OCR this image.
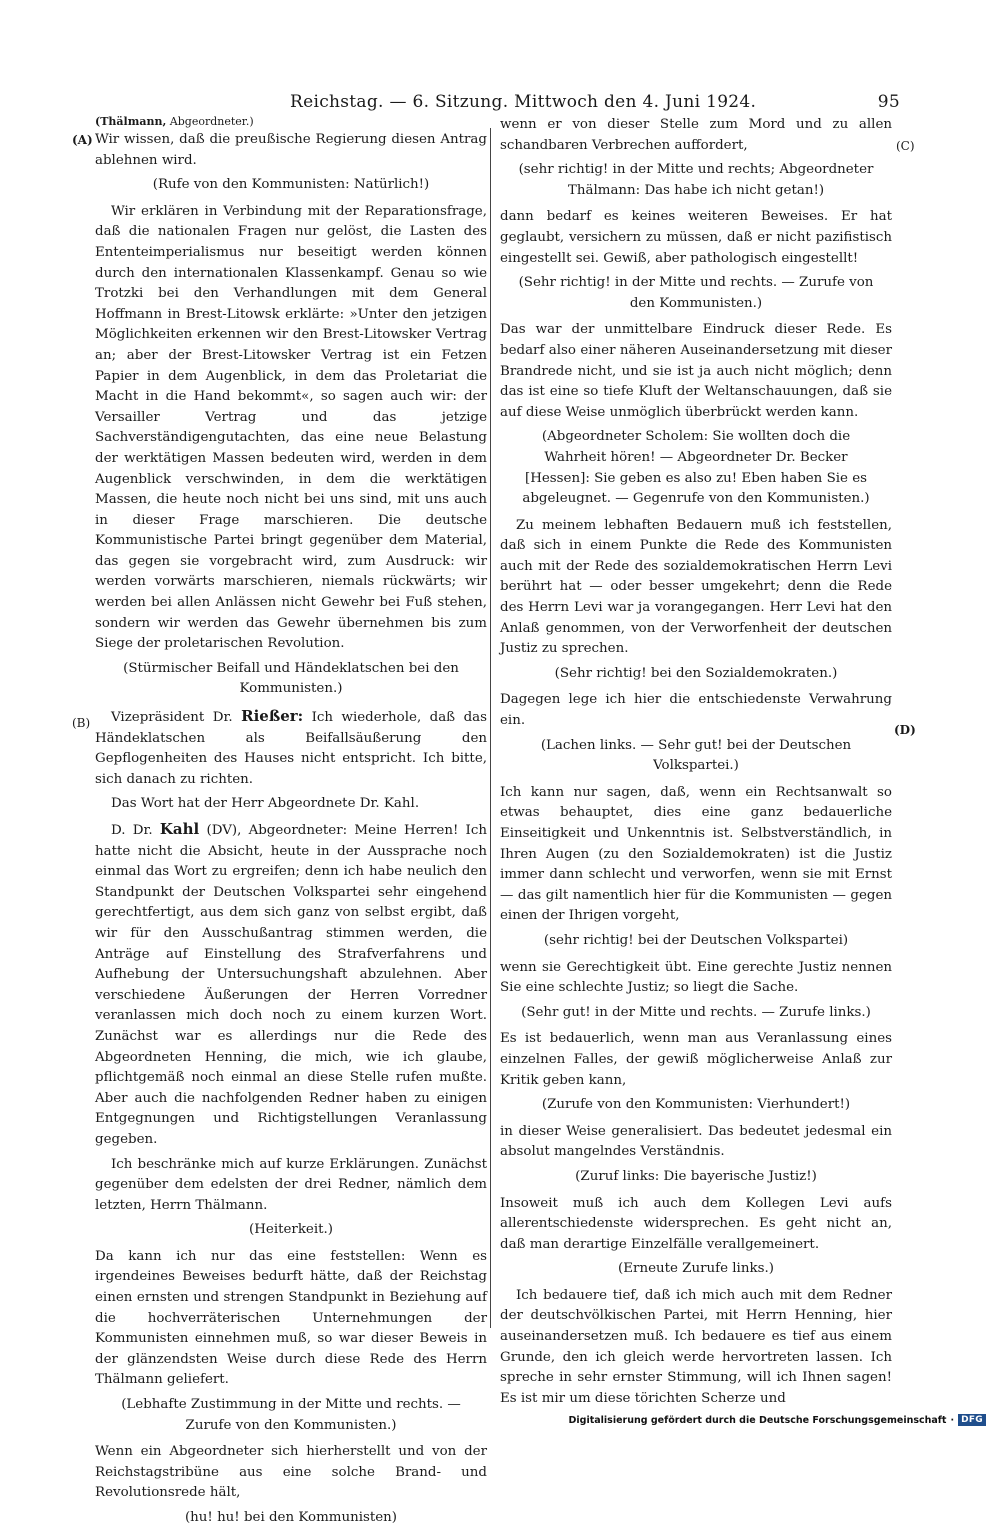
Reichstag. — 6. Sitzung. Mittwoch den 4. Juni 1924.	95
(A)
(B)
(C)
(D)
(Thälmann, Abgeordneter.)

Wir wissen, daß die preußische Regierung diesen Antrag ablehnen wird.

(Rufe von den Kommunisten: Natürlich!)

Wir erklären in Verbindung mit der Reparationsfrage, daß die nationalen Fragen nur gelöst, die Lasten des Ententeimperialismus nur beseitigt werden können durch den internationalen Klassenkampf. Genau so wie Trotzki bei den Verhandlungen mit dem General Hoffmann in Brest-Litowsk erklärte: »Unter den jetzigen Möglichkeiten erkennen wir den Brest-Litowsker Vertrag an; aber der Brest-Litowsker Vertrag ist ein Fetzen Papier in dem Augenblick, in dem das Proletariat die Macht in die Hand bekommt«, so sagen auch wir: der Versailler Vertrag und das jetzige Sachverständigengutachten, das eine neue Belastung der werktätigen Massen bedeuten wird, werden in dem Augenblick verschwinden, in dem die werktätigen Massen, die heute noch nicht bei uns sind, mit uns auch in dieser Frage marschieren. Die deutsche Kommunistische Partei bringt gegenüber dem Material, das gegen sie vorgebracht wird, zum Ausdruck: wir werden vorwärts marschieren, niemals rückwärts; wir werden bei allen Anlässen nicht Gewehr bei Fuß stehen, sondern wir werden das Gewehr übernehmen bis zum Siege der proletarischen Revolution.

(Stürmischer Beifall und Händeklatschen bei den Kommunisten.)

Vizepräsident Dr. Rießer: Ich wiederhole, daß das Händeklatschen als Beifallsäußerung den Gepflogenheiten des Hauses nicht entspricht. Ich bitte, sich danach zu richten.

Das Wort hat der Herr Abgeordnete Dr. Kahl.

D. Dr. Kahl (DV), Abgeordneter: Meine Herren! Ich hatte nicht die Absicht, heute in der Aussprache noch einmal das Wort zu ergreifen; denn ich habe neulich den Standpunkt der Deutschen Volkspartei sehr eingehend gerechtfertigt, aus dem sich ganz von selbst ergibt, daß wir für den Ausschußantrag stimmen werden, die Anträge auf Einstellung des Strafverfahrens und Aufhebung der Untersuchungshaft abzulehnen. Aber verschiedene Äußerungen der Herren Vorredner veranlassen mich doch noch zu einem kurzen Wort. Zunächst war es allerdings nur die Rede des Abgeordneten Henning, die mich, wie ich glaube, pflichtgemäß noch einmal an diese Stelle rufen mußte. Aber auch die nachfolgenden Redner haben zu einigen Entgegnungen und Richtigstellungen Veranlassung gegeben.

Ich beschränke mich auf kurze Erklärungen. Zunächst gegenüber dem edelsten der drei Redner, nämlich dem letzten, Herrn Thälmann.

(Heiterkeit.)

Da kann ich nur das eine feststellen: Wenn es irgendeines Beweises bedurft hätte, daß der Reichstag einen ernsten und strengen Standpunkt in Beziehung auf die hochverräterischen Unternehmungen der Kommunisten einnehmen muß, so war dieser Beweis in der glänzendsten Weise durch diese Rede des Herrn Thälmann geliefert.

(Lebhafte Zustimmung in der Mitte und rechts. — Zurufe von den Kommunisten.)

Wenn ein Abgeordneter sich hierherstellt und von der Reichstagstribüne aus eine solche Brand- und Revolutionsrede hält,

(hu! hu! bei den Kommunisten)

wenn er von dieser Stelle zum Mord und zu allen schandbaren Verbrechen auffordert,

(sehr richtig! in der Mitte und rechts; Abgeordneter Thälmann: Das habe ich nicht getan!)

dann bedarf es keines weiteren Beweises. Er hat geglaubt, versichern zu müssen, daß er nicht pazifistisch eingestellt sei. Gewiß, aber pathologisch eingestellt!

(Sehr richtig! in der Mitte und rechts. — Zurufe von den Kommunisten.)

Das war der unmittelbare Eindruck dieser Rede. Es bedarf also einer näheren Auseinandersetzung mit dieser Brandrede nicht, und sie ist ja auch nicht möglich; denn das ist eine so tiefe Kluft der Weltanschauungen, daß sie auf diese Weise unmöglich überbrückt werden kann.

(Abgeordneter Scholem: Sie wollten doch die Wahrheit hören! — Abgeordneter Dr. Becker [Hessen]: Sie geben es also zu! Eben haben Sie es abgeleugnet. — Gegenrufe von den Kommunisten.)

Zu meinem lebhaften Bedauern muß ich feststellen, daß sich in einem Punkte die Rede des Kommunisten auch mit der Rede des sozialdemokratischen Herrn Levi berührt hat — oder besser umgekehrt; denn die Rede des Herrn Levi war ja vorangegangen. Herr Levi hat den Anlaß genommen, von der Verworfenheit der deutschen Justiz zu sprechen.

(Sehr richtig! bei den Sozialdemokraten.)

Dagegen lege ich hier die entschiedenste Verwahrung ein.

(Lachen links. — Sehr gut! bei der Deutschen Volkspartei.)

Ich kann nur sagen, daß, wenn ein Rechtsanwalt so etwas behauptet, dies eine ganz bedauerliche Einseitigkeit und Unkenntnis ist. Selbstverständlich, in Ihren Augen (zu den Sozialdemokraten) ist die Justiz immer dann schlecht und verworfen, wenn sie mit Ernst — das gilt namentlich hier für die Kommunisten — gegen einen der Ihrigen vorgeht,

(sehr richtig! bei der Deutschen Volkspartei)

wenn sie Gerechtigkeit übt. Eine gerechte Justiz nennen Sie eine schlechte Justiz; so liegt die Sache.

(Sehr gut! in der Mitte und rechts. — Zurufe links.)

Es ist bedauerlich, wenn man aus Veranlassung eines einzelnen Falles, der gewiß möglicherweise Anlaß zur Kritik geben kann,

(Zurufe von den Kommunisten: Vierhundert!)

in dieser Weise generalisiert. Das bedeutet jedesmal ein absolut mangelndes Verständnis.

(Zuruf links: Die bayerische Justiz!)

Insoweit muß ich auch dem Kollegen Levi aufs allerentschiedenste widersprechen. Es geht nicht an, daß man derartige Einzelfälle verallgemeinert.

(Erneute Zurufe links.)

Ich bedauere tief, daß ich mich auch mit dem Redner der deutschvölkischen Partei, mit Herrn Henning, hier auseinandersetzen muß. Ich bedauere es tief aus einem Grunde, den ich gleich werde hervortreten lassen. Ich spreche in sehr ernster Stimmung, will ich Ihnen sagen! Es ist mir um diese törichten Scherze und

Digitalisierung gefördert durch die Deutsche Forschungsgemeinschaft · DFG
